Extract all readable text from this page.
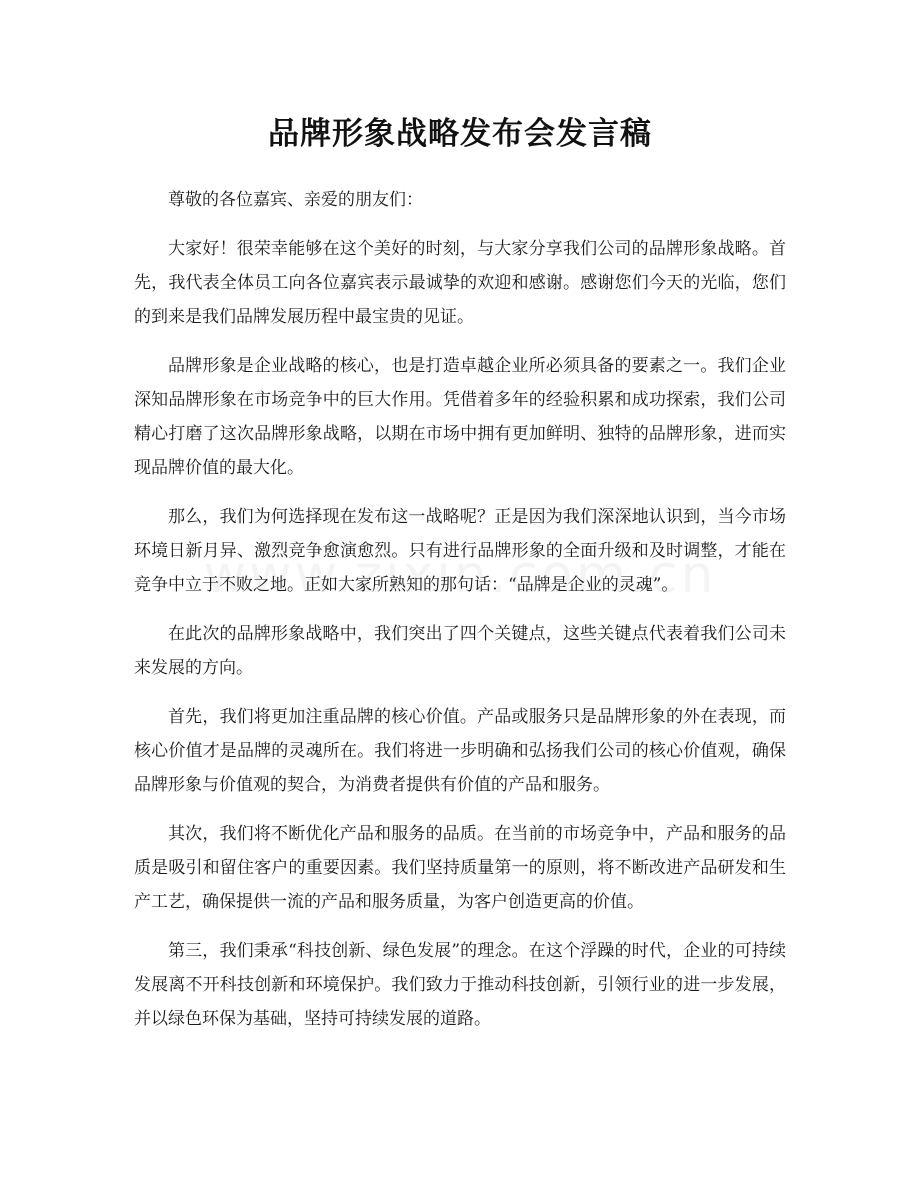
品牌形象战略发布会发言稿

尊敬的各位嘉宾、亲爱的朋友们：

大家好！很荣幸能够在这个美好的时刻，与大家分享我们公司的品牌形象战略。首先，我代表全体员工向各位嘉宾表示最诚挚的欢迎和感谢。感谢您们今天的光临，您们的到来是我们品牌发展历程中最宝贵的见证。

品牌形象是企业战略的核心，也是打造卓越企业所必须具备的要素之一。我们企业深知品牌形象在市场竞争中的巨大作用。凭借着多年的经验积累和成功探索，我们公司精心打磨了这次品牌形象战略，以期在市场中拥有更加鲜明、独特的品牌形象，进而实现品牌价值的最大化。

那么，我们为何选择现在发布这一战略呢？正是因为我们深深地认识到，当今市场环境日新月异、激烈竞争愈演愈烈。只有进行品牌形象的全面升级和及时调整，才能在竞争中立于不败之地。正如大家所熟知的那句话：“品牌是企业的灵魂”。

在此次的品牌形象战略中，我们突出了四个关键点，这些关键点代表着我们公司未来发展的方向。

首先，我们将更加注重品牌的核心价值。产品或服务只是品牌形象的外在表现，而核心价值才是品牌的灵魂所在。我们将进一步明确和弘扬我们公司的核心价值观，确保品牌形象与价值观的契合，为消费者提供有价值的产品和服务。

其次，我们将不断优化产品和服务的品质。在当前的市场竞争中，产品和服务的品质是吸引和留住客户的重要因素。我们坚持质量第一的原则，将不断改进产品研发和生产工艺，确保提供一流的产品和服务质量，为客户创造更高的价值。

第三，我们秉承“科技创新、绿色发展”的理念。在这个浮躁的时代，企业的可持续发展离不开科技创新和环境保护。我们致力于推动科技创新，引领行业的进一步发展，并以绿色环保为基础，坚持可持续发展的道路。
